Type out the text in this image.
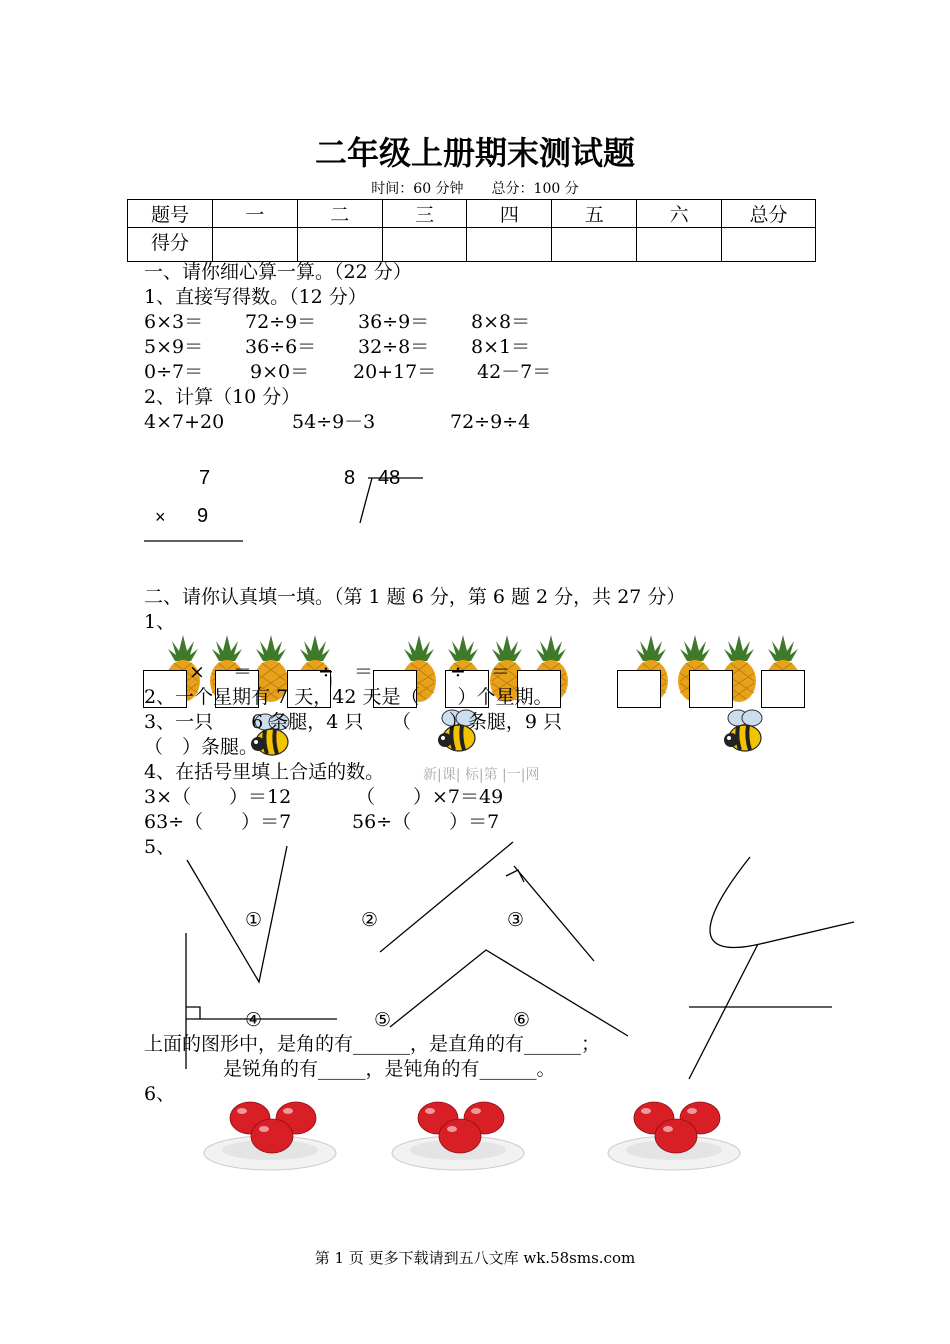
二年级上册期末测试题
时间：60 分钟　　总分：100 分
题号	一	二	三	四	五	六	总分
得分							
一、请你细心算一算。（22 分）
1、直接写得数。（12 分）
6×3＝ 72÷9＝ 36÷9＝ 8×8＝
5×9＝ 36÷6＝ 32÷8＝ 8×1＝
0÷7＝ 9×0＝ 20+17＝ 42－7＝
2、计算（10 分）
4×7+20	54÷9－3	72÷9÷4
7
× 9
8 48
二、请你认真填一填。（第 1 题 6 分，第 6 题 2 分，共 27 分）
1、
× ＝	÷ ＝	÷ ＝
2、一个星期有 7 天，42 天是（　　）个星期。
3、一只　　6 条腿，4 只　　（　　）条腿，9 只
（　）条腿。
4、在括号里填上合适的数。	新|课| 标|第 |一|网
3×（　　）＝12	（　　）×7＝49
63÷（　　）＝7	56÷（　　）＝7
5、
①	②	③
④	⑤	⑥
上面的图形中，是角的有______，是直角的有______；
是锐角的有_____，是钝角的有______。
6、
第 1 页 更多下载请到五八文库 wk.58sms.com
